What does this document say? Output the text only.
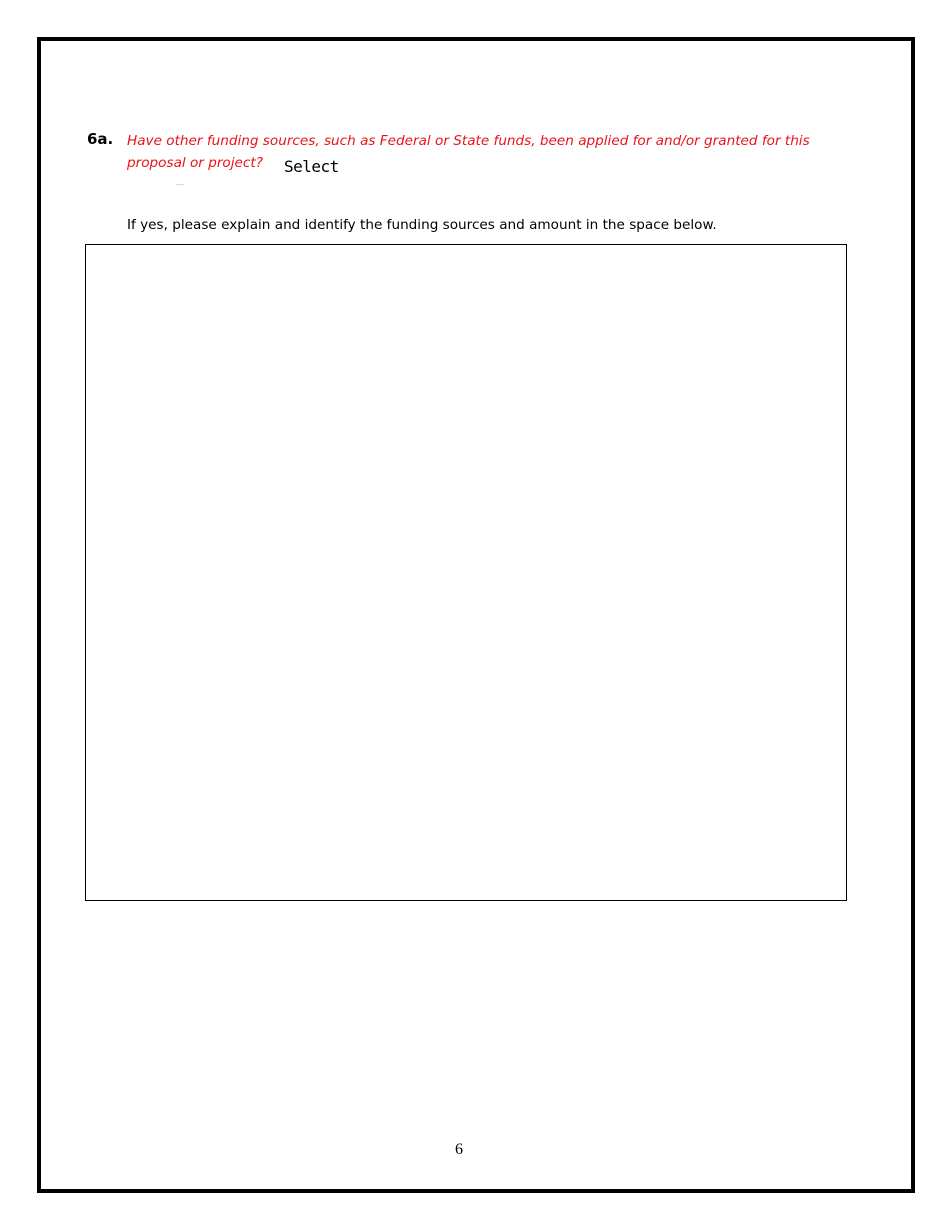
6a. Have other funding sources, such as Federal or State funds, been applied for and/or granted for this proposal or project?	Select
---
If yes, please explain and identify the funding sources and amount in the space below.
6
